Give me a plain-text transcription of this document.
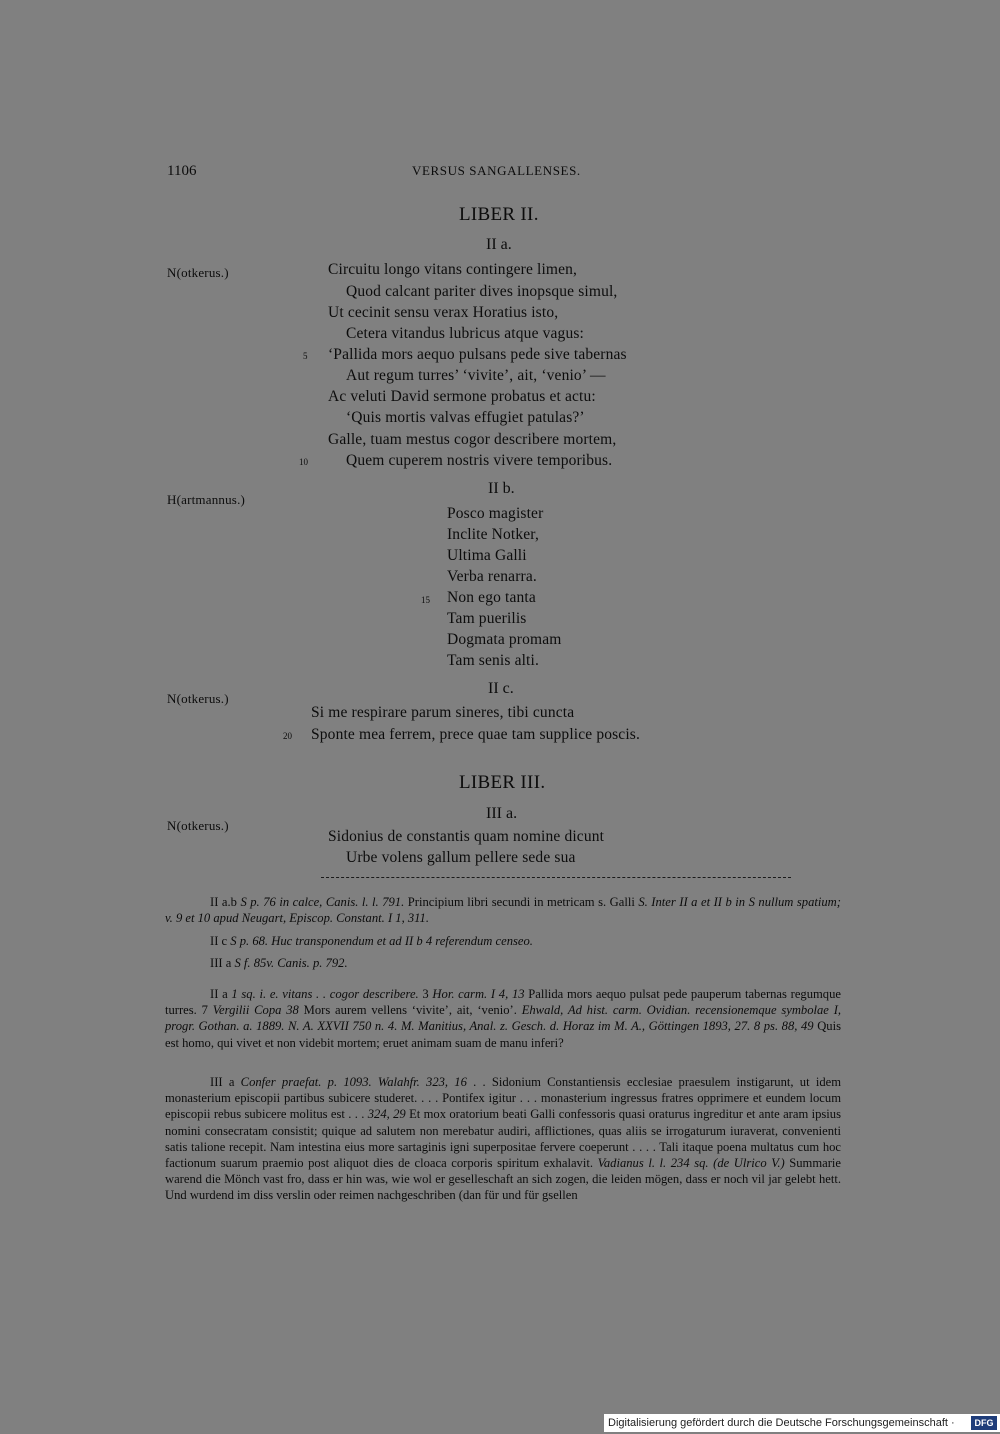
1106	VERSUS SANGALLENSES.
LIBER II.
II a.
N(otkerus.)	Circuitu longo vitans contingere limen,
Quod calcant pariter dives inopsque simul,
Ut cecinit sensu verax Horatius isto,
Cetera vitandus lubricus atque vagus:
5 ‘Pallida mors aequo pulsans pede sive tabernas
Aut regum turres’ ‘vivite’, ait, ‘venio’ —
Ac veluti David sermone probatus et actu:
‘Quis mortis valvas effugiet patulas?’
Galle, tuam mestus cogor describere mortem,
10 Quem cuperem nostris vivere temporibus.
II b.
H(artmannus.)
Posco magister
Inclite Notker,
Ultima Galli
Verba renarra.
15 Non ego tanta
Tam puerilis
Dogmata promam
Tam senis alti.
II c.
N(otkerus.)
Si me respirare parum sineres, tibi cuncta
20 Sponte mea ferrem, prece quae tam supplice poscis.
LIBER III.
III a.
N(otkerus.)
Sidonius de constantis quam nomine dicunt
Urbe volens gallum pellere sede sua
II a.b S p. 76 in calce, Canis. l. l. 791. Principium libri secundi in metricam s. Galli S. Inter II a et II b in S nullum spatium; v. 9 et 10 apud Neugart, Episcop. Constant. I 1, 311.
II c S p. 68. Huc transponendum et ad II b 4 referendum censeo.
III a S f. 85v. Canis. p. 792.
II a 1 sq. i. e. vitans . . cogor describere. 3 Hor. carm. I 4, 13 Pallida mors aequo pulsat pede pauperum tabernas regumque turres. 7 Vergilii Copa 38 Mors aurem vellens ‘vivite’, ait, ‘venio’. Ehwald, Ad hist. carm. Ovidian. recensionemque symbolae I, progr. Gothan. a. 1889. N. A. XXVII 750 n. 4. M. Manitius, Anal. z. Gesch. d. Horaz im M. A., Göttingen 1893, 27. 8 ps. 88, 49 Quis est homo, qui vivet et non videbit mortem; eruet animam suam de manu inferi?
III a Confer praefat. p. 1093. Walahfr. 323, 16 . . Sidonium Constantiensis ecclesiae praesulem instigarunt, ut idem monasterium episcopii partibus subicere studeret. . . . Pontifex igitur . . . monasterium ingressus fratres opprimere et eundem locum episcopii rebus subicere molitus est . . . 324, 29 Et mox oratorium beati Galli confessoris quasi oraturus ingreditur et ante aram ipsius nomini consecratam consistit; quique ad salutem non merebatur audiri, afflictiones, quas aliis se irrogaturum iuraverat, convenienti satis talione recepit. Nam intestina eius more sartaginis igni superpositae fervere coeperunt . . . . Tali itaque poena multatus cum hoc factionum suarum praemio post aliquot dies de cloaca corporis spiritum exhalavit. Vadianus l. l. 234 sq. (de Ulrico V.) Summarie warend die Mönch vast fro, dass er hin was, wie wol er geselleschaft an sich zogen, die leiden mögen, dass er noch vil jar gelebt hett. Und wurdend im diss verslin oder reimen nachgeschriben (dan für und für gsellen
Digitalisierung gefördert durch die Deutsche Forschungsgemeinschaft ·	DFG
